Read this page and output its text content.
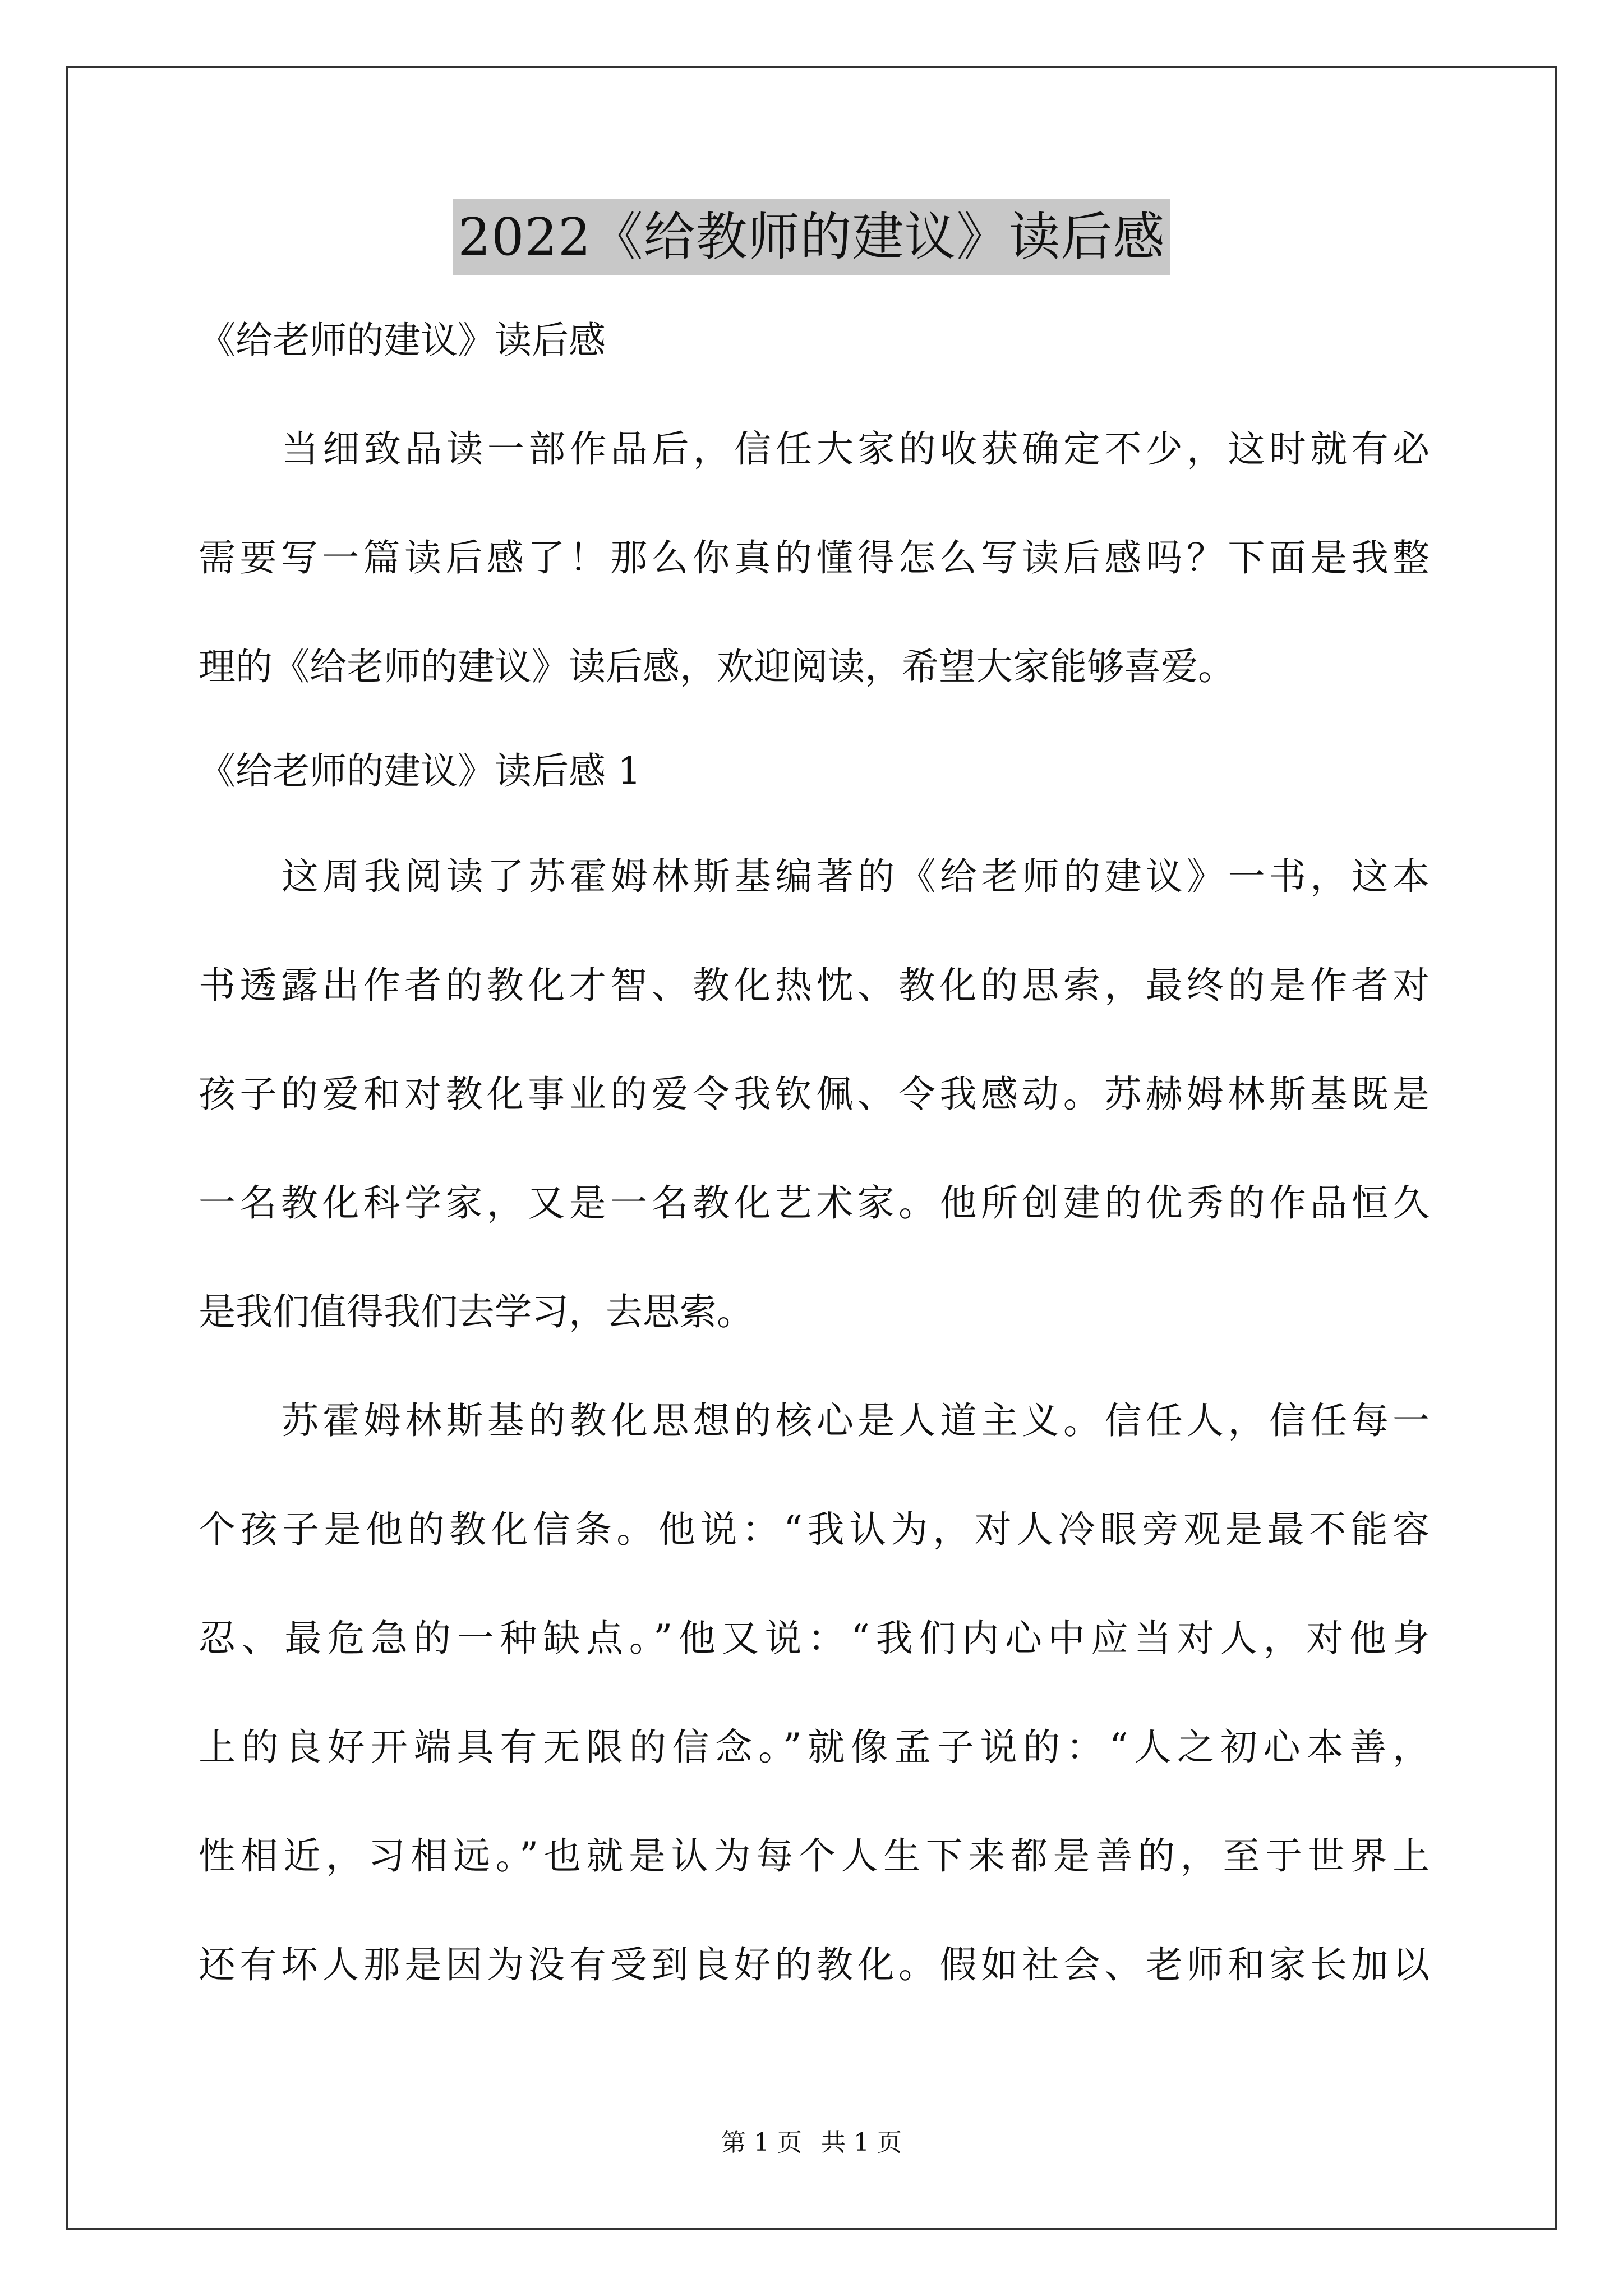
2022《给教师的建议》读后感
《给老师的建议》读后感
当细致品读一部作品后，信任大家的收获确定不少，这时就有必
需要写一篇读后感了！那么你真的懂得怎么写读后感吗？下面是我整
理的《给老师的建议》读后感，欢迎阅读，希望大家能够喜爱。
《给老师的建议》读后感 1
这周我阅读了苏霍姆林斯基编著的《给老师的建议》一书，这本
书透露出作者的教化才智、教化热忱、教化的思索，最终的是作者对
孩子的爱和对教化事业的爱令我钦佩、令我感动。苏赫姆林斯基既是
一名教化科学家，又是一名教化艺术家。他所创建的优秀的作品恒久
是我们值得我们去学习，去思索。
苏霍姆林斯基的教化思想的核心是人道主义。信任人，信任每一
个孩子是他的教化信条。他说：“我认为，对人冷眼旁观是最不能容
忍、最危急的一种缺点。”他又说：“我们内心中应当对人，对他身
上的良好开端具有无限的信念。”就像孟子说的：“人之初心本善，
性相近，习相远。”也就是认为每个人生下来都是善的，至于世界上
还有坏人那是因为没有受到良好的教化。假如社会、老师和家长加以
第 1 页 共 1 页
